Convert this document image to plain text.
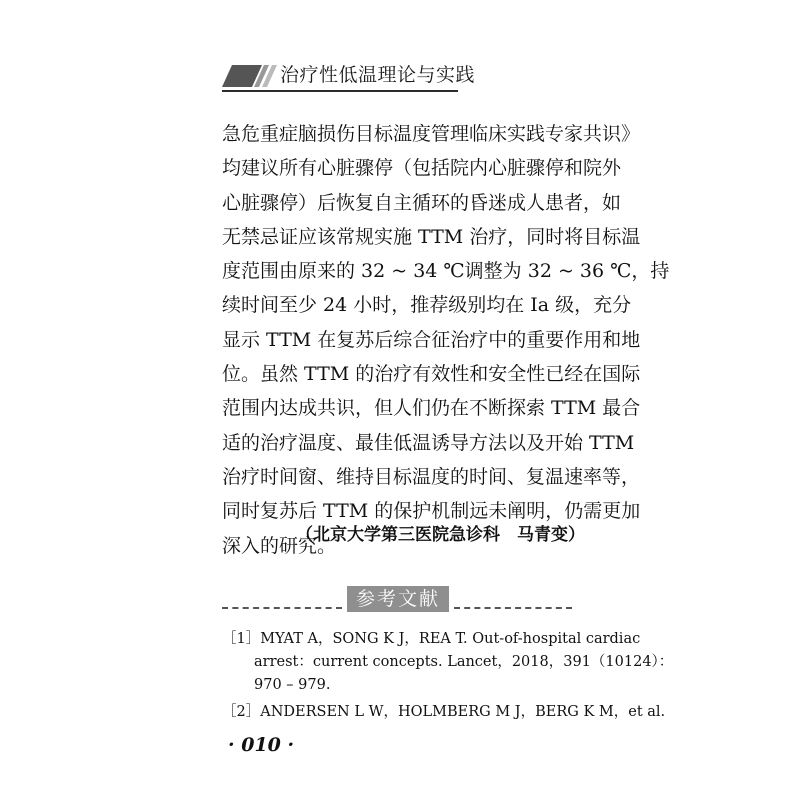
治疗性低温理论与实践
急危重症脑损伤目标温度管理临床实践专家共识》
均建议所有心脏骤停（包括院内心脏骤停和院外
心脏骤停）后恢复自主循环的昏迷成人患者，如
无禁忌证应该常规实施 TTM 治疗，同时将目标温
度范围由原来的 32 ~ 34 ℃调整为 32 ~ 36 ℃，持
续时间至少 24 小时，推荐级别均在 Ⅰa 级，充分
显示 TTM 在复苏后综合征治疗中的重要作用和地
位。虽然 TTM 的治疗有效性和安全性已经在国际
范围内达成共识，但人们仍在不断探索 TTM 最合
适的治疗温度、最佳低温诱导方法以及开始 TTM
治疗时间窗、维持目标温度的时间、复温速率等，
同时复苏后 TTM 的保护机制远未阐明，仍需更加
深入的研究。
（北京大学第三医院急诊科　马青变）
参考文献
［1］MYAT A，SONG K J，REA T. Out-of-hospital cardiac
arrest：current concepts. Lancet，2018，391（10124）：
970 – 979.
［2］ANDERSEN L W，HOLMBERG M J，BERG K M，et al.
· 010 ·
